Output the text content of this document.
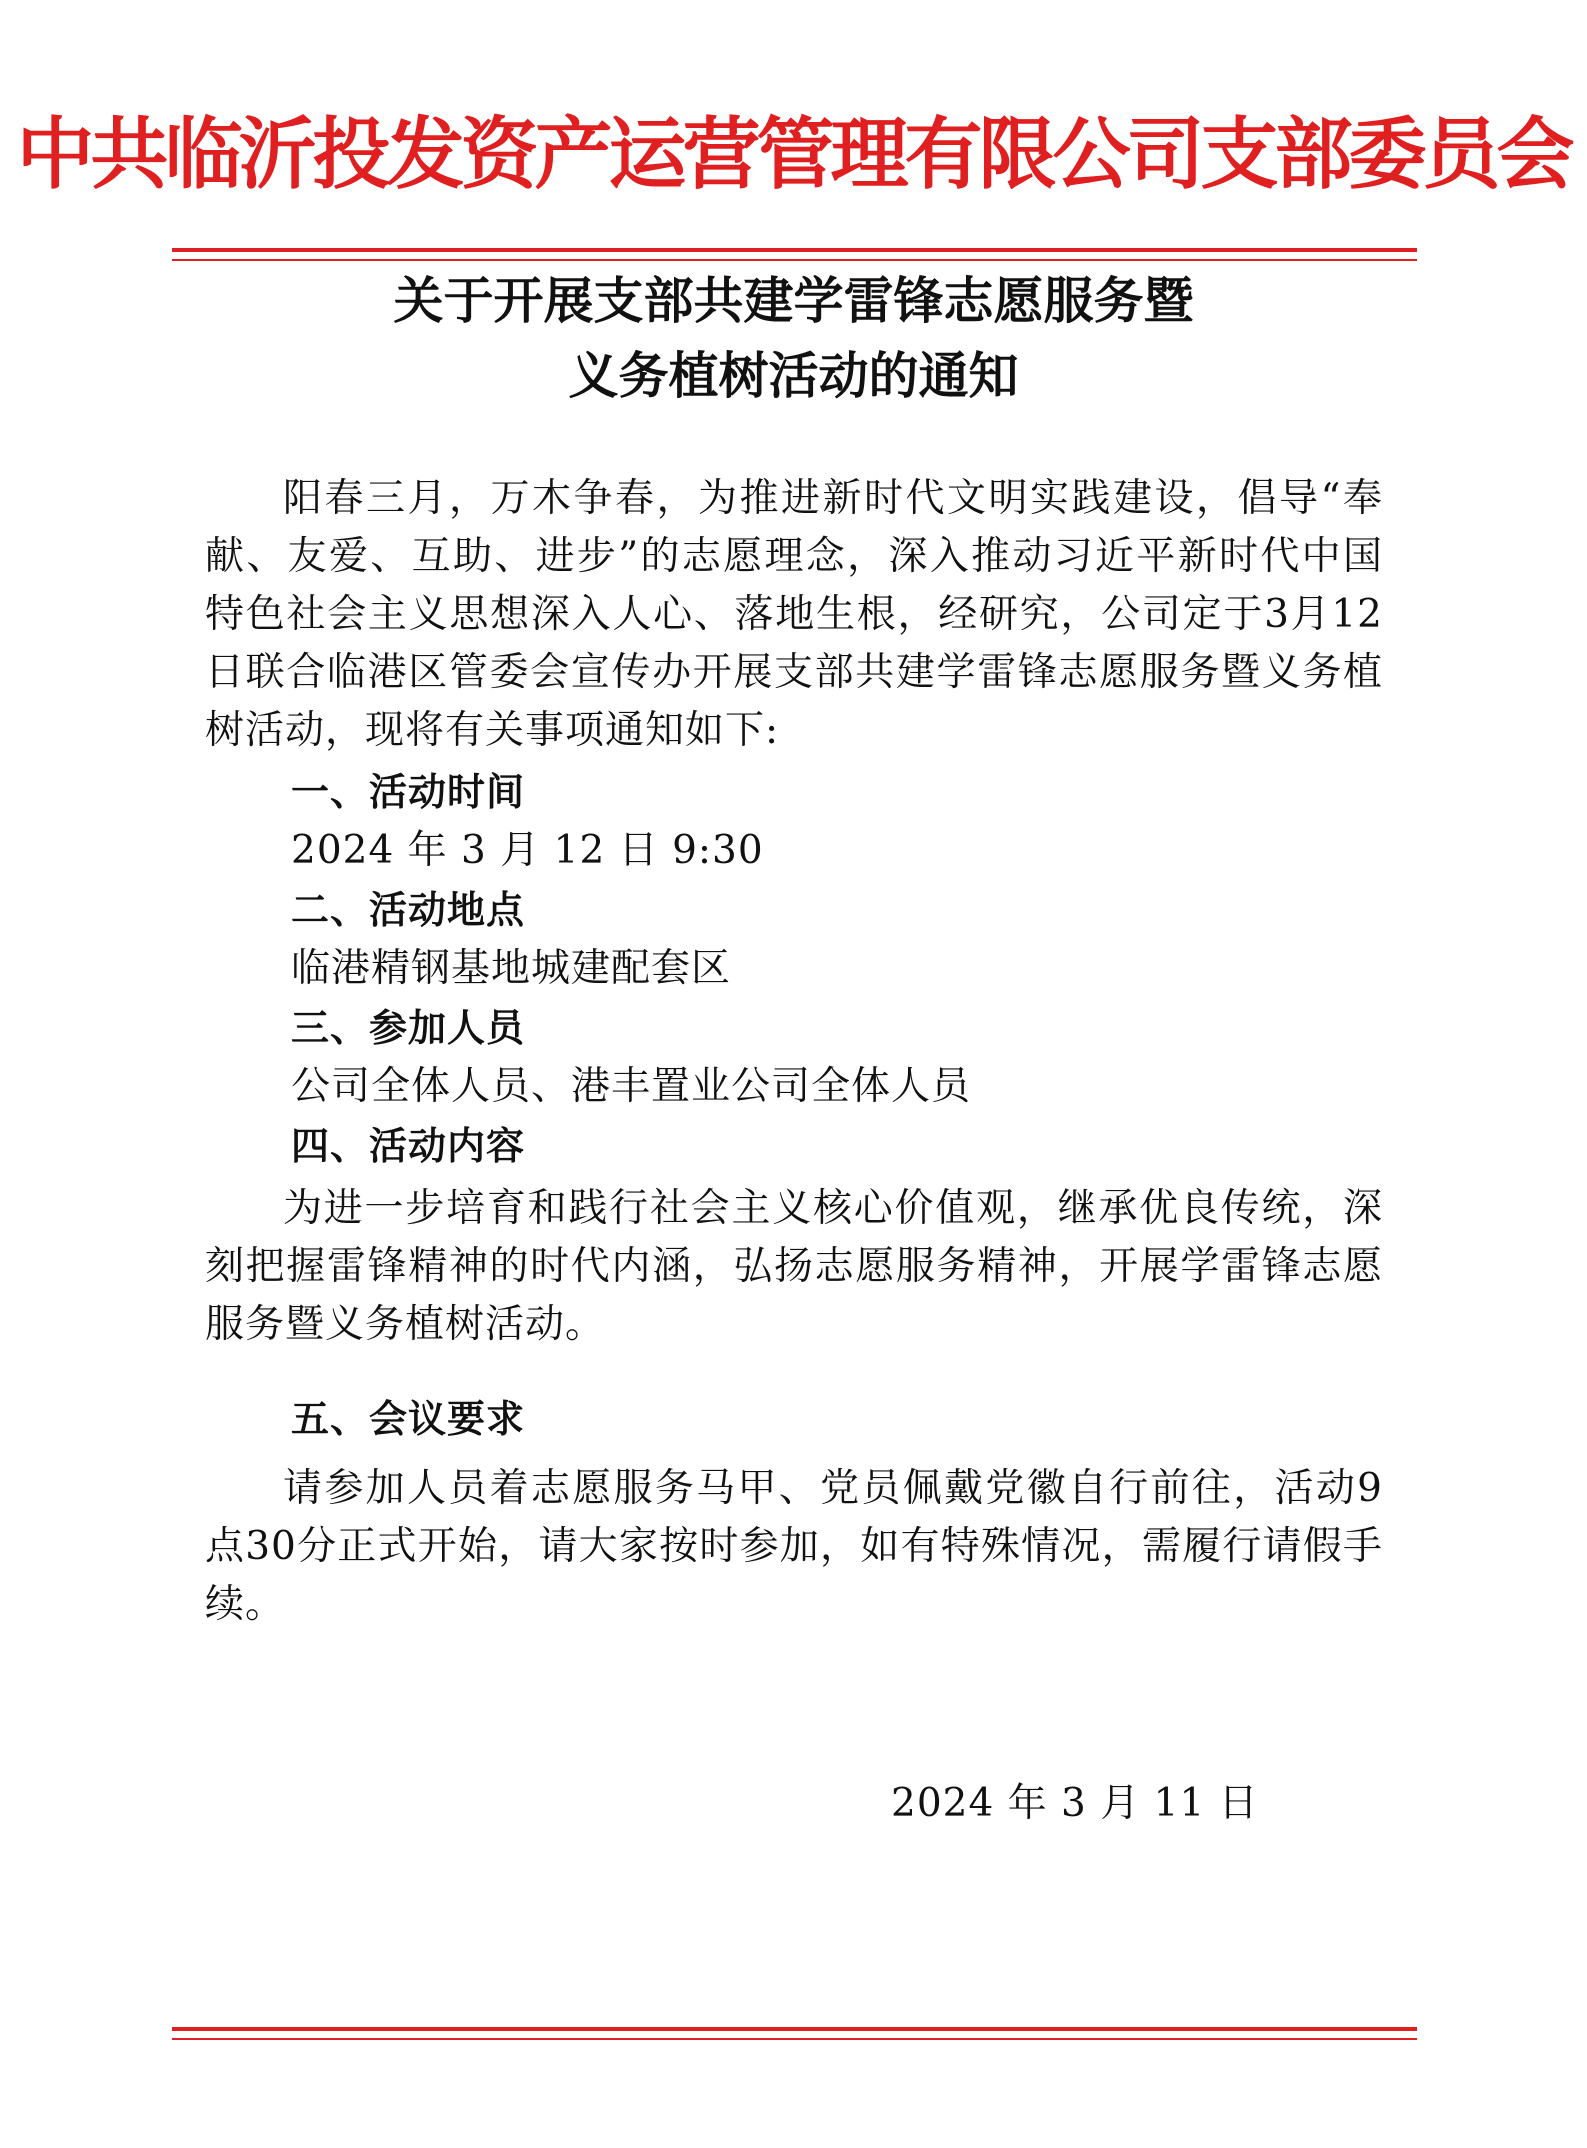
中共临沂投发资产运营管理有限公司支部委员会
关于开展支部共建学雷锋志愿服务暨
义务植树活动的通知

阳春三月，万木争春，为推进新时代文明实践建设，倡导“奉献、友爱、互助、进步”的志愿理念，深入推动习近平新时代中国特色社会主义思想深入人心、落地生根，经研究，公司定于3月12日联合临港区管委会宣传办开展支部共建学雷锋志愿服务暨义务植树活动，现将有关事项通知如下:

一、活动时间
2024 年 3 月 12 日 9:30
二、活动地点
临港精钢基地城建配套区
三、参加人员
公司全体人员、港丰置业公司全体人员
四、活动内容

为进一步培育和践行社会主义核心价值观，继承优良传统，深刻把握雷锋精神的时代内涵，弘扬志愿服务精神，开展学雷锋志愿服务暨义务植树活动。

五、会议要求

请参加人员着志愿服务马甲、党员佩戴党徽自行前往，活动9点30分正式开始，请大家按时参加，如有特殊情况，需履行请假手续。

2024 年 3 月 11 日
